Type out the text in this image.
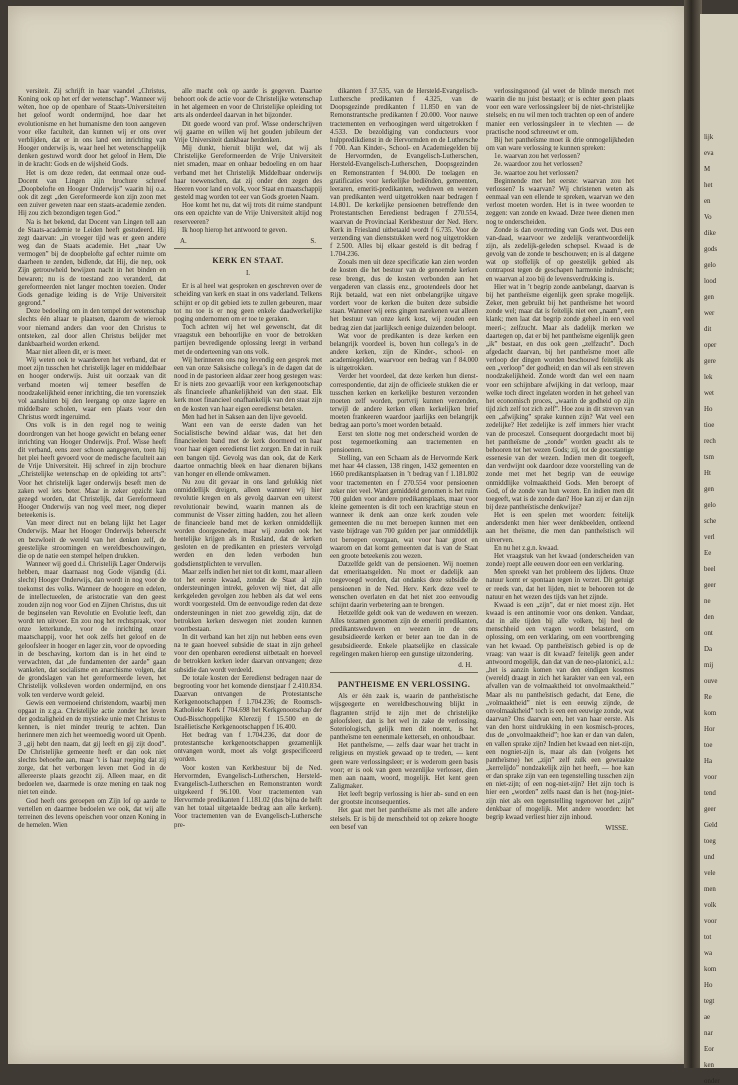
lijk
eva
M
het
en
Vo
dike
gods
gelo
lood
gen
wer
dit
oper
gere
lek
wet
Ho
tioe
rech
tsm
Ht
gen
gelo
sche
verl
Ee
beel
geer
ne
den
ont
Da
mij
ouve
Re
kom
Hor
toe
Ha
voor
tend
geer
Geld
toeg
und
vele
men
volk
voor
tot
wa
kom
Ho
tegt
ae
nar
Eor
ken
onder

versiteit. Zij schrijft in haar vaandel „Christus, Koning ook op het erf der wetenschap”. Wanneer wij wèten, hoe op de openbare of Staats-Universiteiten het geloof wordt ondermijnd, hoe daar het evolutionisme en het humanisme den toon aangeven voor elke faculteit, dan kunnen wij er ons over verblijden, dat er in ons land een inrichting van Hooger onderwijs is, waar heel het wetenschappelijk denken gestuwd wordt door het geloof in Hem, Die in de kracht: Gods en de wijsheid Gods.

Het is om deze reden, dat eenmaal onze oud-Docent van Lingen zijn brochure schreef „Doopbelofte en Hooger Onderwijs” waarin hij o.a. ook dit zegt „den Gereformeerde kon zijn zoon met een zuiver geweten naar een staats-academie zenden. Hij zou zich bezondigen tegen God.”

Na is het bekend, dat Docent van Lingen tell aan de Staats-academie te Leiden heeft gestudeerd. Hij zegt daarvan: „in vroeger tijd was er geen andere weg dan de Staats academie. Het „naar Uw vermogen” bij de doopbelofte gaf echter ruimte om daarheen te zenden, bidlende, dat Hij, die nep, ook Zijn getrouwheid bewijzen nacht in het binden en bewaren; nu is de toestand zoo veranderd, dat gereformeerden niet langer mochten toezien. Onder Gods genadige leiding is de Vrije Universiteit gegrond.”

Deze bedoeling om in den tempel der wetenschap slechts één altaar te plaatsen, daarom de wierook voor niemand anders dan voor den Christus te ontsteken, zal door allen Christus belijder met dankbaarheid worden erkend.

Maar niet alleen dit, er is meer.

Wij weten ook te waardeeren het verband, dat er moet zijn tusschen het christelijk lager en middelbaar en hooger onderwijs. Juist uit oorzaak van dit verband moeten wij temeer beseffen de noodzakelijkheid eener inrichting, die ten vorensziek vol aansluiten bij den leergang op onze lagere en middelbare scholen, waar een plaats voor den Christus wordt ingeruimd.

Ons volk is in den regel nog te weinig doordrongen van het hooge gewicht en belang eener inrichting van Hooger Onderwijs. Prof. Wisse heeft dit verband, eens zeer schoon aangegeven, toen hij het plei heeft gevoerd voor de medische faculteit aan de Vrije Universiteit. Hij schreef in zijn brochure „Christelijke wetenschap en de opleiding tot arts”: Voor het christelijk lager onderwijs beseft men de zaken wel iets beter. Maar in zeker opzicht kan gezegd worden, dat Christelijk, dat Gereformeerd Hooger Onderwijs van nog veel meer, nog dieper beteekenis is.

Van meer direct nut en belang lijkt het Lager Onderwijs. Maar het Hooger Onderwijs beheerscht en bezwloeit de wereld van het denken zelf, de geestelijke stroomingen en wereldbeschouwingen, die op de natie een stempel helpen drukken.

Wanneer wij goed d.i. Christelijk Lager Onderwijs hebben, maar daarnaast nog Gode vijandig (d.i. slecht) Hooger Onderwijs, dan wordt in nog voor de toekomst des volks. Wanneer de hoogere en edelen, de intellectueelen, de aristocratie van den geest zouden zijn nog voor God en Zijnen Christus, dus uit de beginselen van Revolutie en Evolutie leeft, dan wordt ten uitvoer. En zou nog het rechtspraak, voor onze letterkunde, voor de inrichting onzer maatschappij, voor het ook zelfs het geloof en de geloofsleer in hooger en lager zin, voor de opvoeding in de beschaving, kortom dan is in het eind te verwachten, dat „de fundamenten der aarde” gaan wankelen, dat socialisme en anarchisme volgen, dat de grondslagen van het gereformeerde leven, het Christelijk volksleven worden ondermijnd, en ons volk ten verderve wordt geleid.

Gewis een vermoeiend christendom, waarbij men opgaat in z.g.a. Christelijke actie zonder het leven der godzaligheid en de mystieke unie met Christus te kennen, is niet minder treurig te achten. Dan herinnere men zich het weemoedig woord uit Openb. 3 „gij hebt den naam, dat gij leeft en gij zijt dood”. De Christelijke gemeente heeft er dan ook niet slechts behoefte aan, maar ’t is haar roeping dat zij zorge, dat het verborgen leven met God in de allereerste plaats gezocht zij. Alleen maar, en dit bedoelen we, daarmede is onze mening en taak nog niet ten einde.

God heeft ons geroepen om Zijn lof op aarde te vertellen en daarmee bedoelen we ook, dat wij alle terreinen des levens opeischen voor onzen Koning in de hemelen. Wien

alle macht ook op aarde is gegeven. Daartoe behoort ook de actie voor de Christelijke wetenschap in het algemeen en voor de Christelijke opleiding tot arts als onderdeel daarvan in het bijzonder.

Dit goede woord van prof. Wisse onderschrijven wij gaarne en willen wij het gouden jubileum der Vrije Universiteit dankbaar herdenken.

Mij dunkt, hieruit blijkt wel, dat wij als Christelijke Gereformeerden de Vrije Universiteit niet smaden, maar en onhaar bedoeling en om haar verband met het Christelijk Middelbaar onderwijs haar toewenschen, dat zij onder den zegen des Heeren voor land en volk, voor Staat en maatschappij gesteld mag worden tot eer van Gods groeten Naam.

Hoe komt het nu, dat wij trots dit ruime standpunt ons een opzichte van de Vrije Universiteit altijd nog reserveeren?

Ik hoop hierop het antwoord te geven.

A.	S.
KERK EN STAAT.
I.

Er is al heel wat gesproken en geschreven over de scheiding van kerk en staat in ons vaderland. Telkens schijnt er op dit gebied iets te zullen gebeuren, maar tot nu toe is er nog geen enkele daadwerkelijke poging ondernomen om er toe te geraken.

Toch achten wij het wel gewenscht, dat dit vraagstuk een behoorlijke en voor de betrokken partijen bevredigende oplossing leergt in verband met de onderteening van ons volk.

Wij herinneren ons nog levendig een gesprek met een van onze Saksische collega’s in de dagen dat de nood in de pastorieen aldaar zeer hoog gestegen was: Er is niets zoo gevaarlijk voor een kerkgenootschap als financieele afhankelijkheid van den staat. Elk kerk moet financieel onafhankelijk van den staat zijn en de kosten van haar eigen eeredienst betalen.

Men had het in Saksen aan den lijve gevoeld.

Want een van de eerste daden van het Socialistische bewind aldaar was, dat het den financieelen band met de kerk doormeed en haar voor haar eigen eeredienst liet zorgen. En dat in ruik een bangen tijd. Gevolg was dan ook, dat de Kerk daartoe onmachtig bleek en haar dienaren bijkans van honger en ellende omkwamen.

Nu zou dit gevaar in ons land gelukkig niet onmiddellijk dreigen, alleen wanneer wij hier revolutie kregen en als gevolg daarvan een uiterst revolutionair bewind, waarin mannen als de communist de Visser zitting hadden, zou het alleen de financieele band met de kerken onmiddellijk worden doorgesneden, maar wij zouden ook het heetelijke krijgen als in Rusland, dat de kerken gesloten en de predikanten en priesters vervolgd werden en den leden verboden hun godsdienstplichten te vervullen.

Maar zelfs indien het niet tot dit komt, maar alleen tot het eerste kwaad, zondat de Staat al zijn ondersteuningen intrekt, geloven wij niet, dat alle kerkgeleden gevolgen zou hebben als dat wel eens wordt voorgesteld. Om de eenvoudige reden dat deze ondersteuningen in niet zoo geweldig zijn, dat de betrokken kerken deswegen niet zouden kunnen voortbestaan.

In dit verband kan het zijn nut hebben eens even na te gaan hoeveel subsidie de staat in zijn geheel voor den openbaren eeredienst uitbetaalt en hoeveel de betrokken kerken ieder daarvan ontvangen; deze subsidie dan wordt verdeeld.

De totale kosten der Eeredienst bedragen naar de begrooting voor het komende dienstjaar f 2.410.834. Daarvan ontvangen de Protestantsche Kerkgenootschappen f 1.704.236; de Roomsch-Katholieke Kerk f 704.698 het Kerkgenootschap der Oud-Bisschoppelijke Klerezij f 15.500 en de Israëlietische Kerkgenootschappen f 16.400.

Het bedrag van f 1.704.236, dat door de protestantsche kerkgenootschappen gezamenlijk ontvangen wordt, moet als volgt gespecificeerd worden.

Voor kosten van Kerkbestuur bij de Ned. Hervormden, Evangelisch-Lutherschen, Hersteld-Evangelisch-Lutherschen en Remonstranten wordt uitgekeerd f 96.100. Voor tractementen van Hervormde predikanten f 1.181.02 (dus bijna de helft van het totaal uitgetaalde bedrag aan alle kerken). Voor tractementen van de Evangelisch-Luthersche pre-

dikanten f 37.535, van de Hersteld-Evangelisch-Luthersche predikanten f 4.325, van de Doopsgezinde predikanten f 11.850 en van de Remonstrantsche predikanten f 20.000. Voor nauwe tractementen en verhoogingen werd uitgetrokken f 4.533. De bezoldiging van conducteurs voor hulppredikdienst in de Hervormden en de Luthersche f 700. Aan Kinder-, School- en Academiegelden bij de Hervormden, de Evangelisch-Lutherschen, Hersteld-Evangelisch-Lutherschen, Doopsgezinden en Remonstranten f 94.000. De toelagen en gratificaties voor kerkelijke bediënden, gemeenten, leeraren, emeriti-predikanten, weduwen en weezen van predikanten werd uitgetrokken naar bedragen f 14.801. De kerkelijke pensioenen betreffende den Protestantschen Eeredienst bedragen f 270.554, waarvan de Provinciaal Kerkbestuur der Ned. Herv. Kerk in Friesland uitbetaald wordt f 6.735. Voor de verzending van dienststukken werd nog uitgetrokken f 2.500. Alles bij elkaar gesteld is dit bedrag f 1.704.236.

Zooals men uit deze specificatie kan zien worden de kosten die het bestuur van de genoemde kerken rese brengt, dus de kosten verbonden aan het vergaderen van classis enz., grootendeels door het Rijk betaald, wat een niet onbelangrijke uitgave vordert voor de kerken die buiten deze subsidie staan. Wanneer wij eens gingen narekenen wat alleen het bestuur van onze kerk kost, wij zouden een bedrag zien dat jaarlijksch eenige duizenden beloopt.

Wat voor de predikanten is deze kerken een belangrijk voordeel is, boven hun collega’s in de andere kerken, zijn de Kinder-, school- en academiegelden, waarvoor een bedrag van f 84.000 is uitgetrokken.

Verder het voordeel, dat deze kerken hun dienst-correspondentie, dat zijn de officieele stukken die er tusschen kerken en kerkelijke besturen verzonden moeten zelf worden, portvrij kunnen verzenden, terwijl de andere kerken elken kerkelijken brief moeten frankeeren waardoor jaarlijks een belangrijk bedrag aan porto’s moet worden betaald.

Eerst ten slotte nog met onderscheid worden de post tegemoetkoming aan tractementen en pensioenen.

Stelling, van een Schaam als de Hervormde Kerk met haar 44 classen, 138 ringen, 1432 gemeenten en 1660 predikantsplaatsen in ’t bedrag van f 1.181.802 voor tractementen en f 270.554 voor pensioenen zeker niet veel. Want gemiddeld genomen is het ruim 700 gulden voor andere predikantsplaats, maar voor kleine gemeenten is dit toch een krachtige steun en wanneer ik denk aan onze kerk zouden vele gemeenten die nu met beroepen kunnen met een vaste bijdrage van 700 gulden per jaar onmiddellijk tot beroepen overgaan, wat voor haar groot en waarom en dat komt gemeenten dat is van de Staat een groote beteekenis zou wezen.

Datzelfde geldt van de pensioenen. Wij noemen dat emeritaatsgelden. Nu moet er dadelijk aan toegevoegd worden, dat ondanks deze subsidie de pensioenen in de Ned. Herv. Kerk deze veel te wenschen overlaten en dat het niet zoo eenvoudig schijnt daarin verbetering aan te brengen.

Hetzelfde geldt ook van de weduwen en weezen. Alles tezamen genomen zijn de emeriti predikanten, predikantsweduwen en weezen in de ons gesubsidieerde kerken er beter aan toe dan in de gesubsidieerde. Enkele plaatselijke en classicale regelingen maken hierop een gunstige uitzondering.

d. H.
PANTHEISME EN VERLOSSING.

Als er één zaak is, waarin de pantheïstische wijsgeegerte en wereldbeschouwing blijkt in flagranten strijd te zijn met de christelijke geloofsleer, dan is het wel in zake de verlossing. Soteriologisch, gelijk men dit noemt, is het pantheïsme ten eenenmale ketterseh, en onhoudbaar.

Het pantheïsme, — zelfs daar waar het tracht in religieus en mystiek gewaad op te treden, — kent geen ware verlossingsleer; er is wederom geen basis voor; er is ook van geen wezenlijke verlosser, dien men aan naam, woord, mogelijk. Het kent geen Zaligmaker.

Het leeft begrip verlossing is hier ab- sund en een der grootste inconsequenties.

Het gaat met het pantheïsme als met alle andere stelsels. Er is bij de menschheid tot op zekere hoogte een besef van

verlossingsnood (al weet de blinde mensch met waarin die nu juist bestaat); er is echter geen plaats voor een ware verlossingsleer bij de niet-christelijke stelsels; en nu wil men toch trachten op een of andere manier een verlossingsleer in te vlechten — de practische nood schreeuwt er om.

Bij het pantheïsme moet ik drie onmogelijkheden om van ware verlossing te kunnen spreken:

1e. waarvan zou het verlossen?

2e. waardoor zou het verlossen?

3e. waartoe zou het verlossen?

Beginnende met het eerste: waarvan zou het verlossen? Is waarvan? Wij christenen weten als eenmaal van een ellende te spreken, waarvan we den verlost moeten worden. Het is in twee woorden te zeggen: van zonde en kwaad. Deze twee dienen men nog te onderscheiden.

Zonde is dan overtreding van Gods wet. Dus een van-daad, waarvoor we zedelijk verantwoordelijk zijn, als zedelijk-geleden schepsel. Kwaad is de gevolg van de zonde te beschouwen; en is al datgene wat op stoffelijk of op geestelijk gebied als contrapost tegen de geschapen harmonie indruischt; en waarvan al zoo bij de levensverdrukking is.

Hier wat in ’t begrip zonde aanbelangt, daarvan is bij het pantheïsme eigenlijk geen sprake mogelijk. Zeker, men gebruikt bij het pantheïsme het woord zonde wel; maar dat is feitelijk niet een „naam”, een klank; men laat dat begrip zonde geheel in een veel meeri-; zelfzucht. Maar als dadelijk merken we daartegen op, dat er bij het pantheïsme eigenlijk geen „ik” bestaat, en dus ook geen „zelfzucht”. Doch afgedacht daarvan, bij het pantheïsme moet alle verloop der dingen worden beschouwd feitelijk als een „verloop” der godheid; en dan wil als een streven noodzakelijkheid. Zonde wordt dan wel een naam voor een schijnbare afwijking in dat verloop, maar welke toch direct ingelaten worden in het geheel van het economisch proces, „waarin de godheid op zijn tijd zich zelf tot zich zelf”. Hoe zou in dit streven van een „afwijking” sprake kunnen zijn? Wat veel een zedelijke? Het zedelijke is zelf immers hier vracht van de proceszel. Consequent doorgedacht moet bij het pantheïsme de „zonde” worden geacht als te behooren tot het wezen Gods; zij, tot de goocstantige essenesie van der wezen. Indien men dit toegeeft, dan verdwijnt ook daardoor deze voorstelling van de zonde met met het begrip van de eeuwige onmiddlijke volmaaktheid Gods. Men beroept of God, of de zonde van hun wezen. En indien men dit toegeeft, wat is de zonde dan? Hoe kan zij er dan zijn bij deze pantheïstische denkwijze?

Het is een spelen met woorden: feitelijk andersdenkt men hier weer denkbeelden, ontleend aan het theïsme, die men dan pantheïstisch wil uitverven.

En nu het z.g.n. kwaad.

Het vraagstuk van het kwaad (onderscheiden van zonde) roept alle eeuwen door een een verklaring.

Men spreekt van het probleem des lijdens. Onze natuur komt er spontaan tegen in verzet. Dit getuigt er reeds van, dat het lijden, niet te behooren tot de natuur en het wezen des tijds van het zijnde.

Kwaad is een „zijn”, dat er niet moest zijn. Het kwaad is een antinomie voor ons denken. Vandaar, dat in alle tijden bij alle volken, bij heel de menschheid een vragen wordt belasterd, om oplossing, om een verklaring, om een voortbrenging van het kwaad. Op pantheïstisch gebied is op de vraag: van waar is dit kwaad? feitelijk geen ander antwoord mogelijk, dan dat van de neo-platonici, a.l.: „het is aanzin komen van den eindigen kosmos (wereld) draagt in zich het karakter van een val, een afvallen van de volmaaktheid tot onvolmaaktheid.” Maar als nu pantheïstisch gedacht, dat Eene, die „volmaaktheid” niet is een eeuwig zijnde, de onvolmaaktheid” toch is een een eeuwige zonde, wat daarvan? Ons daarvan een, het van haar eerste. Als van den horst uitdrukking in een kosmisch-proces, dus de „onvolmaaktheid”; hoe kan er dan van dalen, en vallen sprake zijn? Indien het kwaad een niet-zijn, een nogniet-zijn is, maar als dan (volgens het pantheïsme) het „zijn” zelf zulk een gewraakte „kerrelijdo” nondzakelijk zijn het heeft, — hoe kan er dan sprake zijn van een tegenstelling tusschen zijn en niet-zijn; of een nog-niet-zijn? Het zijn toch is hier een „worden” zelfs naast dan is het (nog-)niet-zijn niet als een tegenstelling tegenover het „zijn” denkbaar of mogelijk. Met andere woorden: het begrip kwaad verliest hier zijn inhoud.

WISSE.
